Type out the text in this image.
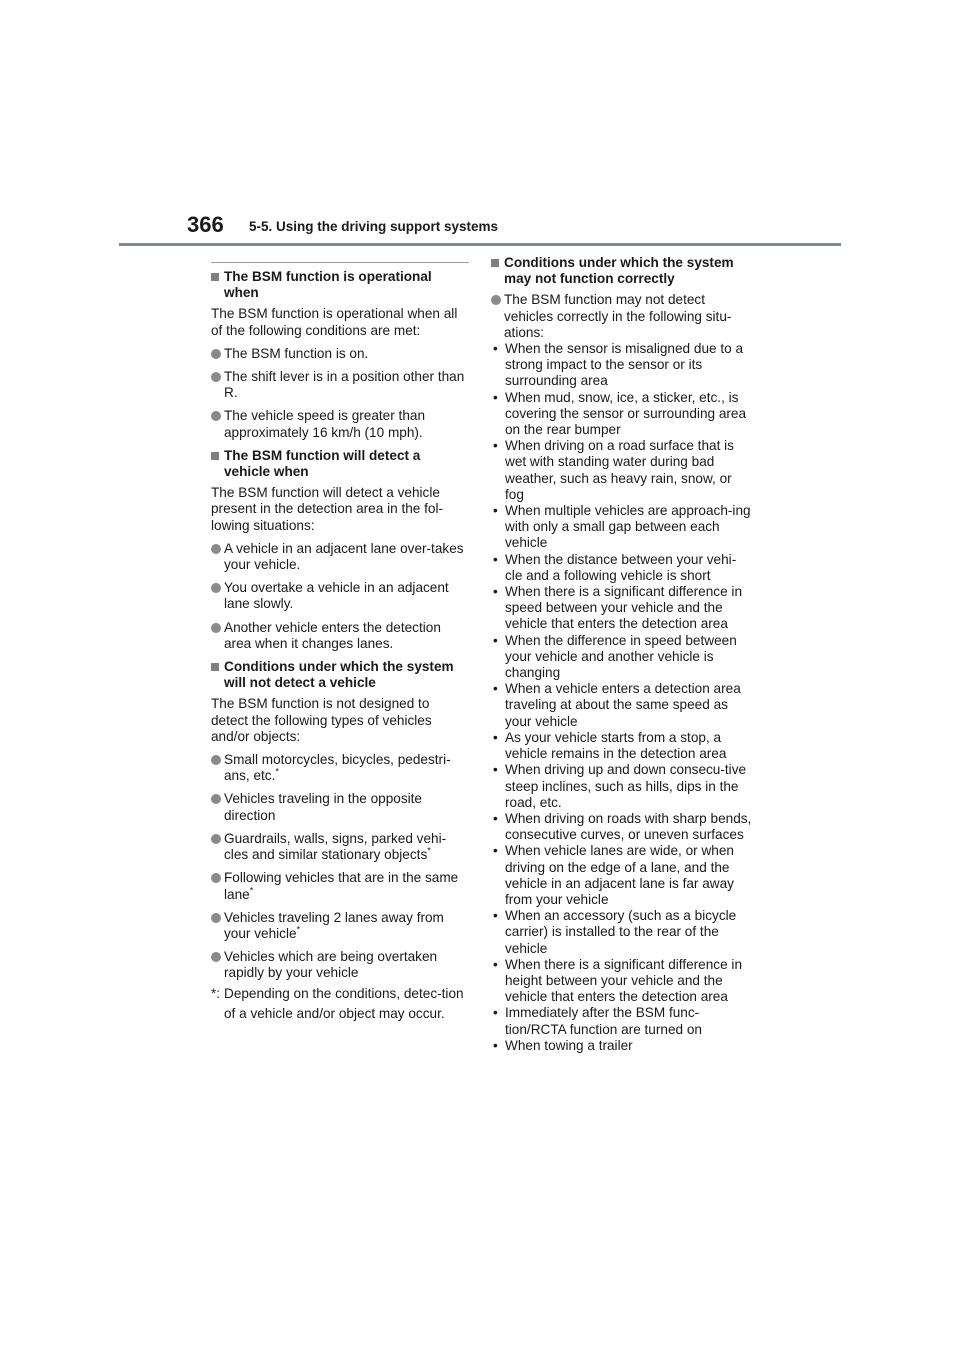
366 5-5. Using the driving support systems
The BSM function is operational when
The BSM function is operational when all of the following conditions are met:
The BSM function is on.
The shift lever is in a position other than R.
The vehicle speed is greater than approximately 16 km/h (10 mph).
The BSM function will detect a vehicle when
The BSM function will detect a vehicle present in the detection area in the fol-lowing situations:
A vehicle in an adjacent lane over-takes your vehicle.
You overtake a vehicle in an adjacent lane slowly.
Another vehicle enters the detection area when it changes lanes.
Conditions under which the system will not detect a vehicle
The BSM function is not designed to detect the following types of vehicles and/or objects:
Small motorcycles, bicycles, pedestri-ans, etc.*
Vehicles traveling in the opposite direction
Guardrails, walls, signs, parked vehi-cles and similar stationary objects*
Following vehicles that are in the same lane*
Vehicles traveling 2 lanes away from your vehicle*
Vehicles which are being overtaken rapidly by your vehicle
*: Depending on the conditions, detec-tion of a vehicle and/or object may occur.
Conditions under which the system may not function correctly
The BSM function may not detect vehicles correctly in the following situ-ations:
• When the sensor is misaligned due to a strong impact to the sensor or its surrounding area
• When mud, snow, ice, a sticker, etc., is covering the sensor or surrounding area on the rear bumper
• When driving on a road surface that is wet with standing water during bad weather, such as heavy rain, snow, or fog
• When multiple vehicles are approach-ing with only a small gap between each vehicle
• When the distance between your vehi-cle and a following vehicle is short
• When there is a significant difference in speed between your vehicle and the vehicle that enters the detection area
• When the difference in speed between your vehicle and another vehicle is changing
• When a vehicle enters a detection area traveling at about the same speed as your vehicle
• As your vehicle starts from a stop, a vehicle remains in the detection area
• When driving up and down consecu-tive steep inclines, such as hills, dips in the road, etc.
• When driving on roads with sharp bends, consecutive curves, or uneven surfaces
• When vehicle lanes are wide, or when driving on the edge of a lane, and the vehicle in an adjacent lane is far away from your vehicle
• When an accessory (such as a bicycle carrier) is installed to the rear of the vehicle
• When there is a significant difference in height between your vehicle and the vehicle that enters the detection area
• Immediately after the BSM func-tion/RCTA function are turned on
• When towing a trailer
